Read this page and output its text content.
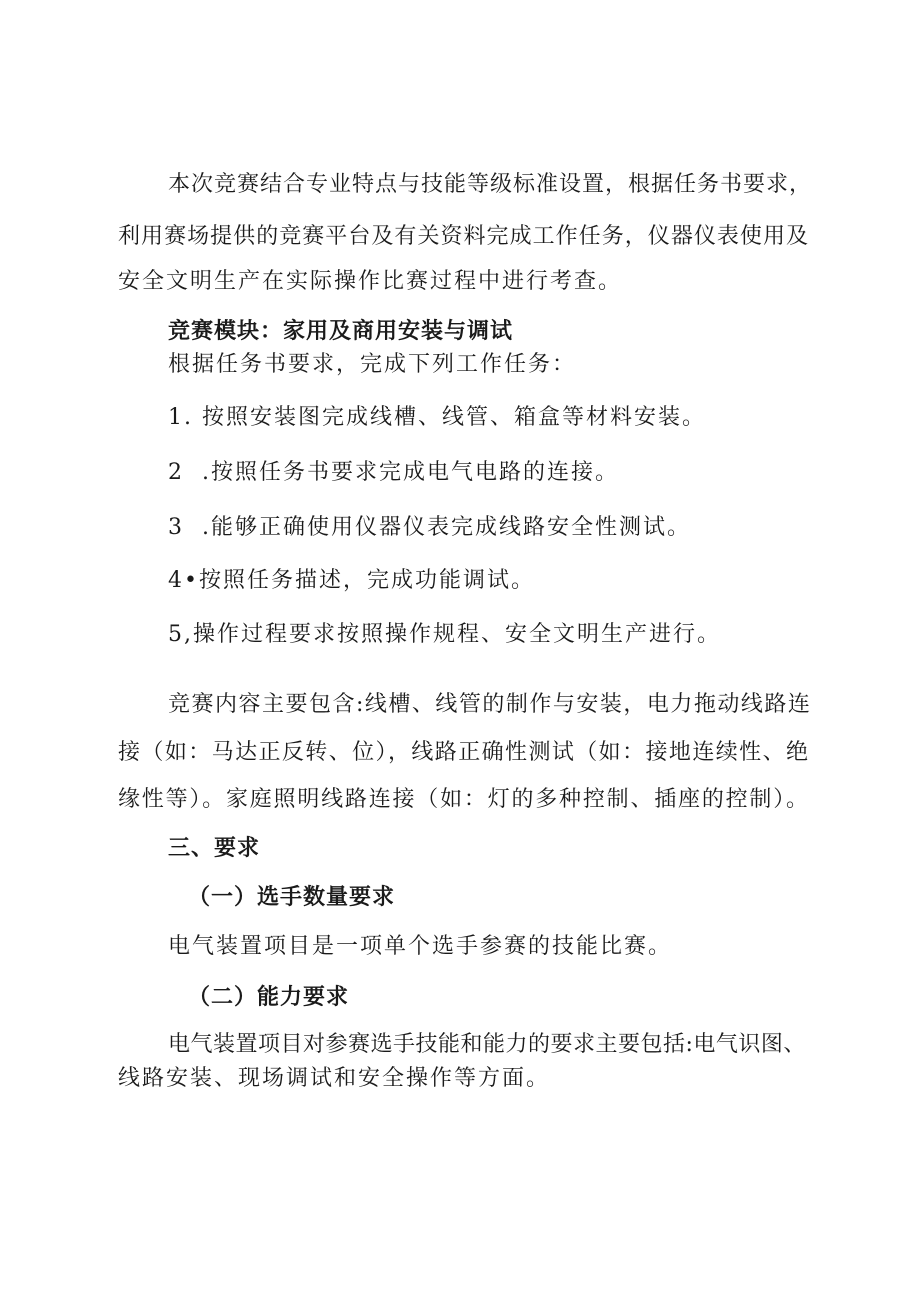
本次竞赛结合专业特点与技能等级标准设置，根据任务书要求，
利用赛场提供的竞赛平台及有关资料完成工作任务，仪器仪表使用及
安全文明生产在实际操作比赛过程中进行考查。
竞赛模块：家用及商用安装与调试
根据任务书要求，完成下列工作任务：
1. 按照安装图完成线槽、线管、箱盒等材料安装。
2  .按照任务书要求完成电气电路的连接。
3  .能够正确使用仪器仪表完成线路安全性测试。
4•按照任务描述，完成功能调试。
5,操作过程要求按照操作规程、安全文明生产进行。
竞赛内容主要包含:线槽、线管的制作与安装，电力拖动线路连
接（如：马达正反转、位），线路正确性测试（如：接地连续性、绝
缘性等）。家庭照明线路连接（如：灯的多种控制、插座的控制）。
三、要求
（一）选手数量要求
电气装置项目是一项单个选手参赛的技能比赛。
（二）能力要求
电气装置项目对参赛选手技能和能力的要求主要包括:电气识图、
线路安装、现场调试和安全操作等方面。
